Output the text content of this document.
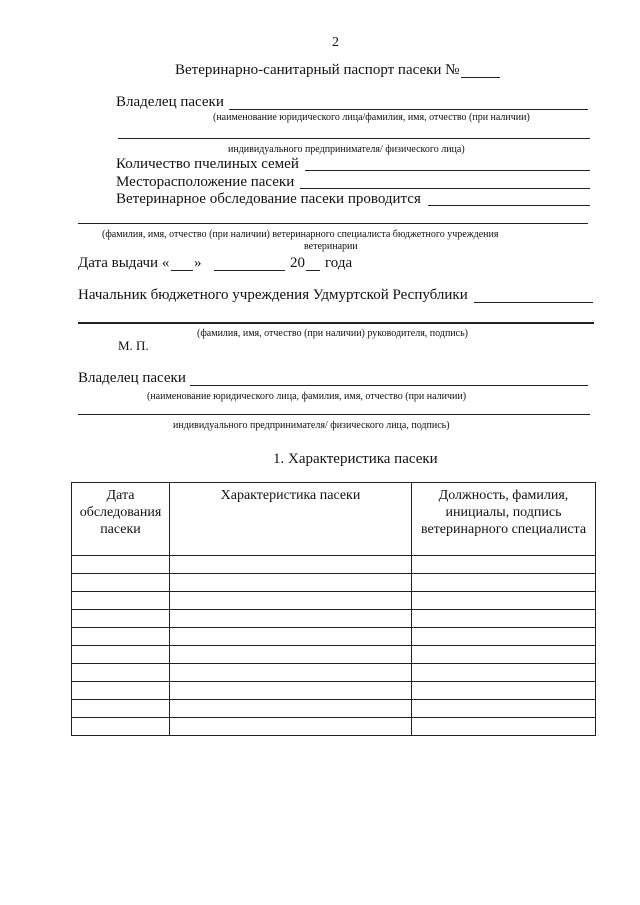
2
Ветеринарно-санитарный паспорт пасеки №
Владелец пасеки
(наименование юридического лица/фамилия, имя, отчество (при наличии)
индивидуального предпринимателя/ физического лица)
Количество пчелиных семей
Месторасположение пасеки
Ветеринарное обследование пасеки проводится
(фамилия, имя, отчество (при наличии) ветеринарного специалиста бюджетного учреждения
ветеринарии
Дата выдачи « »	20 года
Начальник бюджетного учреждения Удмуртской Республики
(фамилия, имя, отчество (при наличии) руководителя, подпись)
М. П.
Владелец пасеки
(наименование юридического лица, фамилия, имя, отчество (при наличии)
индивидуального предпринимателя/ физического лица, подпись)
1. Характеристика пасеки
Дата обследования пасеки	Характеристика пасеки	Должность, фамилия, инициалы, подпись ветеринарного специалиста
